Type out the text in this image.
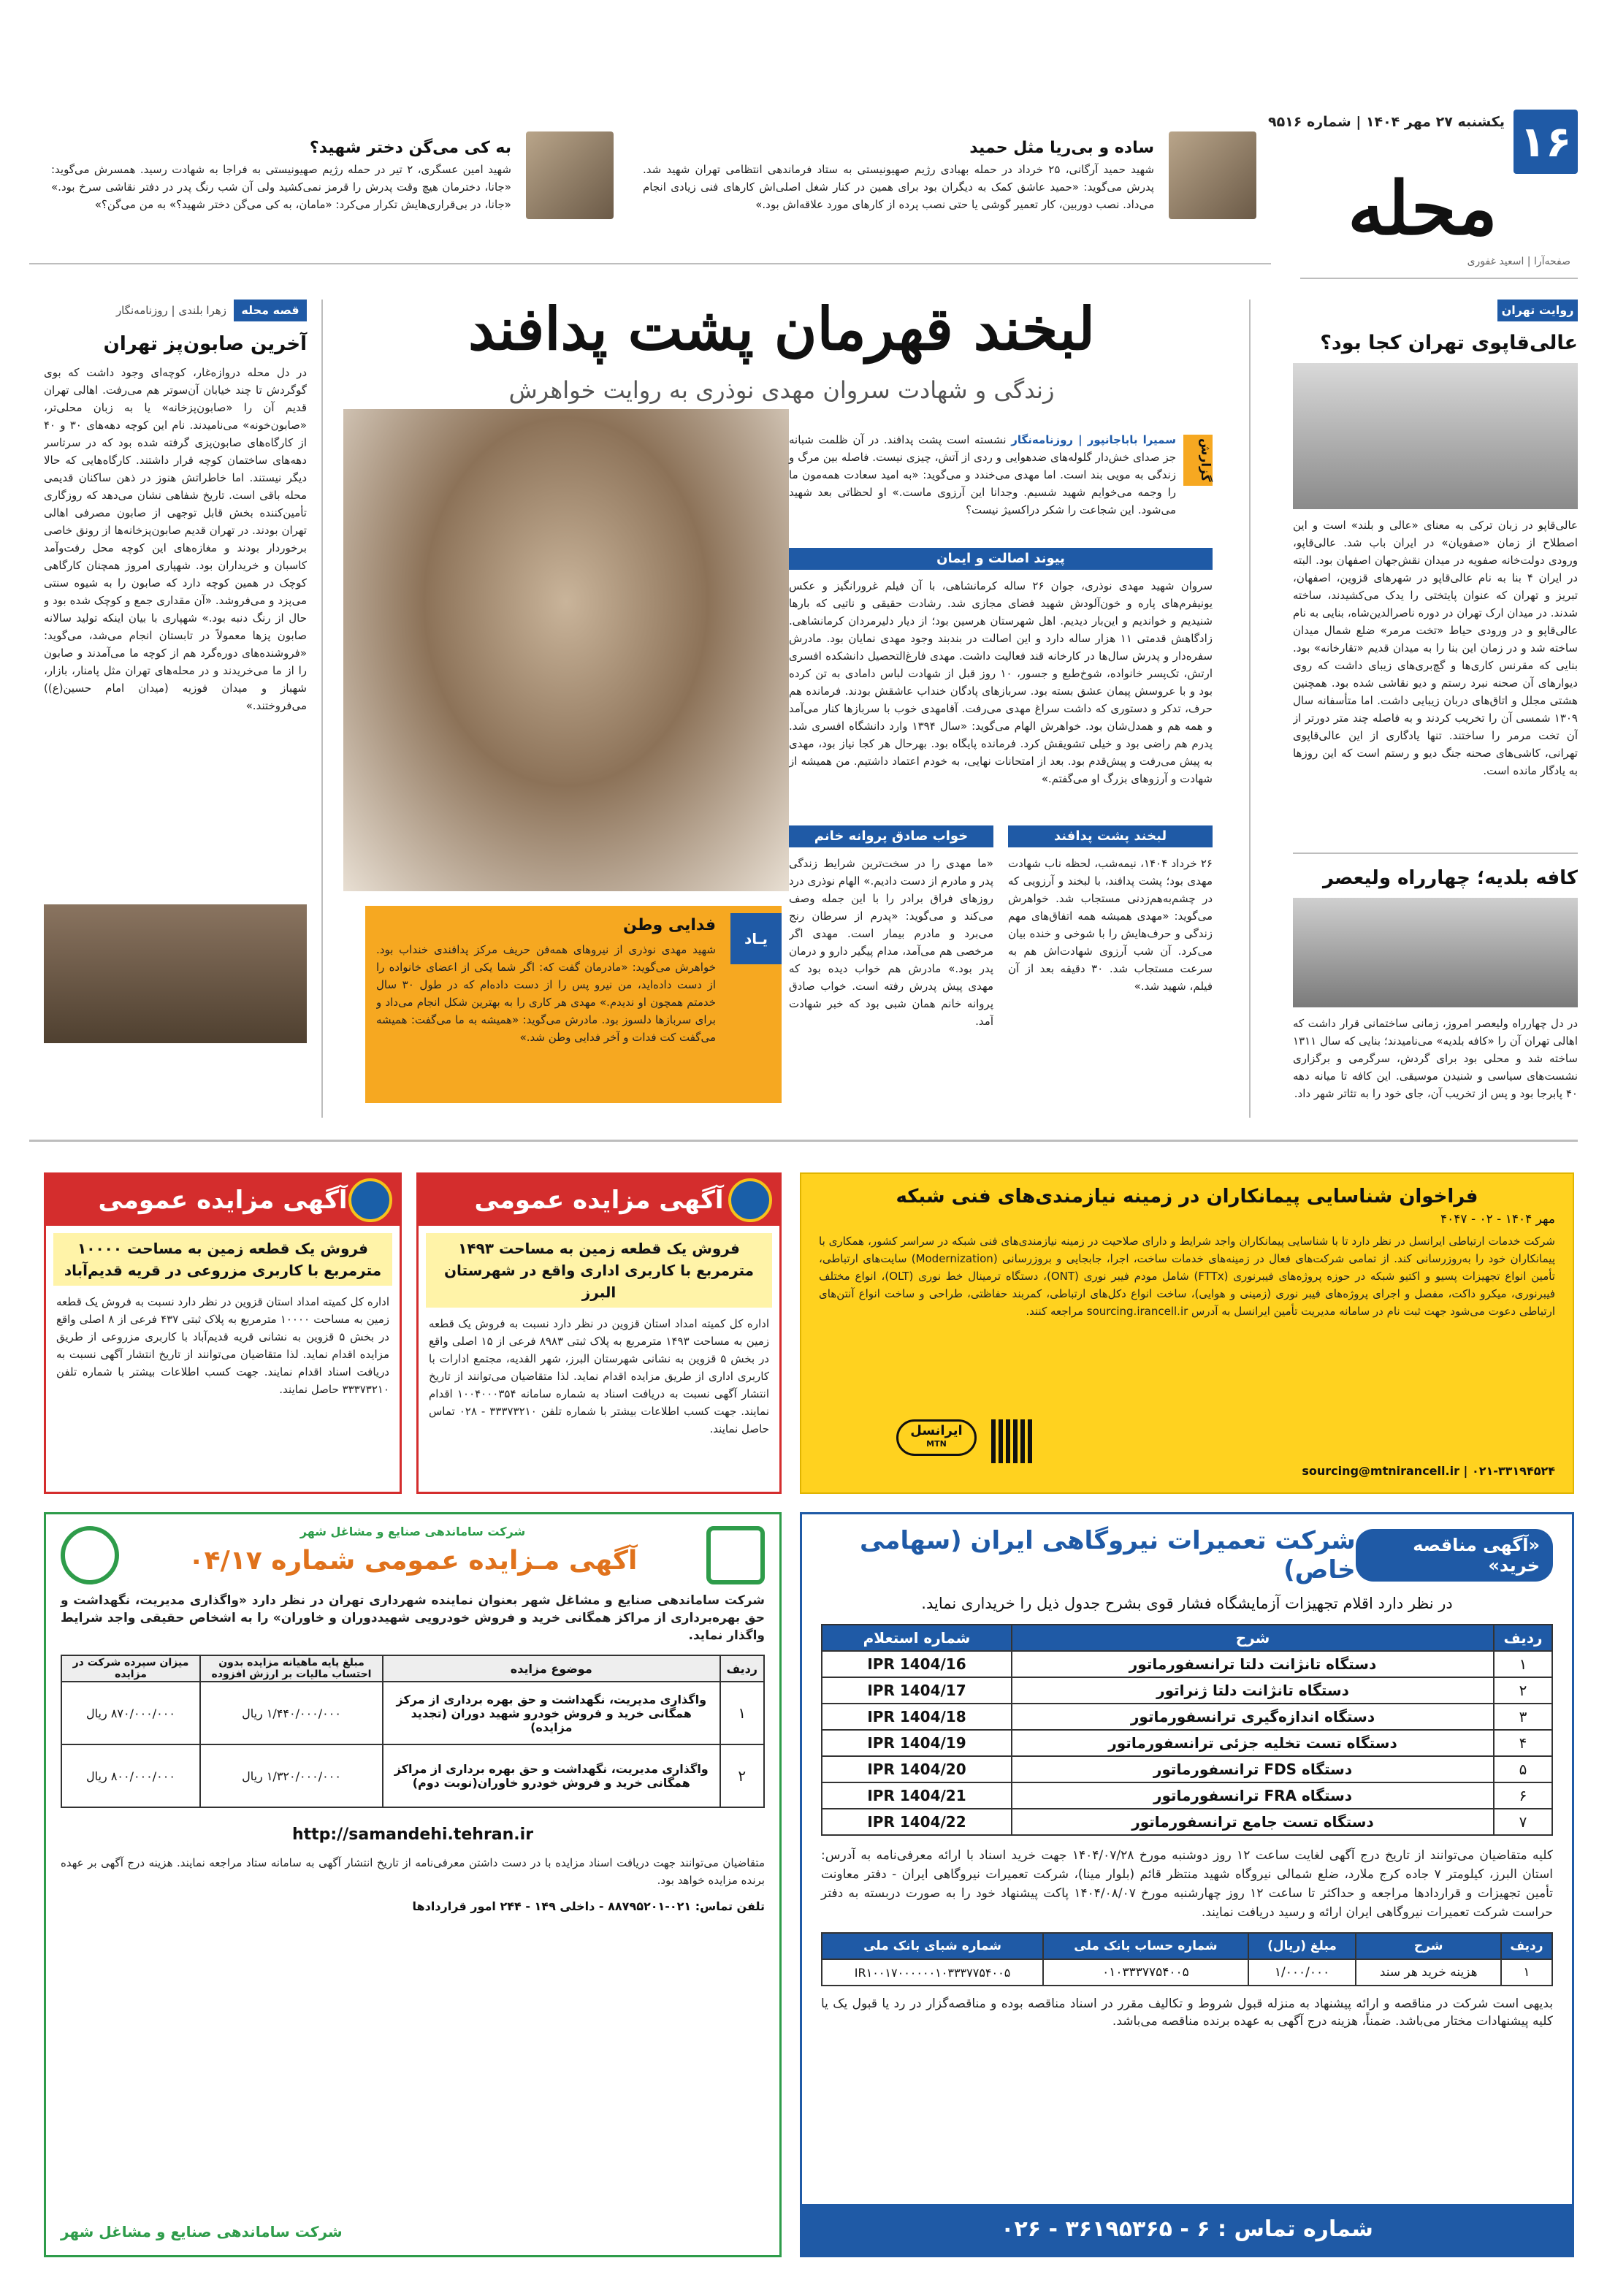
۱۶
یکشنبه ۲۷ مهر ۱۴۰۴ | شماره ۹۵۱۶
محله
صفحه‌آرا | اسعید غفوری
ساده و بی‌ریا مثل حمید
شهید حمید آرگانی، ۲۵ خرداد در حمله بهبادی رژیم صهیونیستی به ستاد فرماندهی انتظامی تهران شهید شد. پدرش می‌گوید: «حمید عاشق کمک به دیگران بود برای همین در کنار شغل اصلی‌اش کارهای فنی زیادی انجام می‌داد. نصب دوربین، کار تعمیر گوشی یا حتی نصب پرده از کارهای مورد علاقه‌اش بود.»
به کی می‌گن دختر شهید؟
شهید امین عسگری، ۲ تیر در حمله رژیم صهیونیستی به فراجا به شهادت رسید. همسرش می‌گوید: «جانا، دخترمان هیچ وقت پدرش را قرمز نمی‌کشید ولی آن شب رنگ پدر در دفتر نقاشی سرخ بود.» «جانا، در بی‌قراری‌هایش تکرار می‌کرد: «مامان، به کی می‌گن دختر شهید؟» به من می‌گن؟»
روایت تهران
عالی‌قاپوی تهران کجا بود؟
عالی‌قاپو در زبان ترکی به معنای «عالی و بلند» است و این اصطلاح از زمان «صفویان» در ایران باب شد. عالی‌قاپو، ورودی دولت‌خانه صفویه در میدان نقش‌جهان اصفهان بود. البته در ایران ۴ بنا به نام عالی‌قاپو در شهرهای قزوین، اصفهان، تبریز و تهران که عنوان پایتختی را یدک می‌کشیدند، ساخته شدند. در میدان ارک تهران در دوره ناصرالدین‌شاه، بنایی به نام عالی‌قاپو و در ورودی حیاط «تخت مرمر» ضلع شمال میدان ساخته شد و در زمان این بنا را به میدان قدیم «تقارخانه» بود. بنایی که مقرنس کاری‌ها و گچ‌بری‌های زیبای داشت که روی دیوارهای آن صحنه نبرد رستم و دیو نقاشی شده بود. همچنین هشتی مجلل و اتاق‌های دربان زیبایی داشت. اما متأسفانه سال ۱۳۰۹ شمسی آن را تخریب کردند و به فاصله چند متر دورتر از آن تخت مرمر را ساختند. تنها یادگاری از این عالی‌قاپوی تهرانی، کاشی‌های صحنه جنگ دیو و رستم است که این روزها به یادگار مانده است.
کافه بلدیه؛ چهارراه ولیعصر
در دل چهارراه ولیعصر امروز، زمانی ساختمانی قرار داشت که اهالی تهران آن را «کافه بلدیه» می‌نامیدند؛ بنایی که سال ۱۳۱۱ ساخته شد و محلی بود برای گردش، سرگرمی و برگزاری نشست‌های سیاسی و شنیدن موسیقی. این کافه تا میانه دهه ۴۰ پابرجا بود و پس از تخریب آن، جای خود را به تئاتر شهر داد.
لبخند قهرمان پشت پدافند
زندگی و شهادت سروان مهدی نوذری به روایت خواهرش
گزارش
سمیرا باباجانپور | روزنامه‌نگار نشسته است پشت پدافند. در آن ظلمت شبانه جز صدای خش‌دار گلوله‌های ضدهوایی و ردی از آتش، چیزی نیست. فاصله بین مرگ و زندگی به مویی بند است. اما مهدی می‌خندد و می‌گوید: «به امید سعادت همه‌مون ما را وجمه می‌خوایم شهید شسیم. وجدانا این آرزوی ماست.» او لحظاتی بعد شهید می‌شود. این شجاعت را شکر دراکسیژ نیست؟
پیوند اصالت و ایمان
سروان شهید مهدی نوذری، جوان ۲۶ ساله کرمانشاهی، با آن فیلم غرورانگیز و عکس یونیفرم‌های پاره و خون‌آلودش شهید فضای مجازی شد. رشادت حقیقی و ناتیی که بارها شنیدیم و خواندیم و این‌بار دیدیم. اهل شهرستان هرسین بود؛ از دیار دلیرمردان کرمانشاهی. زادگاهش قدمتی ۱۱ هزار ساله دارد و این اصالت در بند‌بند وجود مهدی نمایان بود. مادرش سفره‌دار و پدرش سال‌ها در کارخانه قند فعالیت داشت. مهدی فارغ‌التحصیل دانشکده افسری ارتش، تک‌پسر خانواده، شوخ‌طبع و جسور، ۱۰ روز قبل از شهادت لباس دامادی به تن کرده بود و با عروسش پیمان عشق بسته بود. سربازهای پادگان خنداب عاشقش بودند. فرمانده هم حرف، تدکر و دستوری که داشت سراغ مهدی می‌رفت. آقامهدی خوب با سربازها کنار می‌آمد و همه هم و همدل‌شان بود. خواهرش الهام می‌گوید: «سال ۱۳۹۴ وارد دانشگاه افسری شد. پدرم هم راضی بود و خیلی تشویقش کرد. فرمانده پایگاه بود. بهرحال هر کجا نیاز بود، مهدی به پیش می‌رفت و پیش‌قدم بود. بعد از امتحانات نهایی، به خودم اعتماد داشتیم. من همیشه از شهادت و آرزوهای بزرگ او می‌گفتم.»
لبخند پشت پدافند
۲۶ خرداد ۱۴۰۴، نیمه‌شب، لحظه ناب شهادت مهدی بود؛ پشت پدافند، با لبخند و آرزویی که در چشم‌به‌هم‌زدنی مستجاب شد. خواهرش می‌گوید: «مهدی همیشه همه اتفاق‌های مهم زندگی و حرف‌هایش را با شوخی و خنده بیان می‌کرد. آن شب آرزوی شهادت‌اش هم به سرعت مستجاب شد. ۳۰ دقیقه بعد از آن فیلم، شهید شد.»
خواب صادق پروانه خانم
«ما مهدی را در سخت‌ترین شرایط زندگی پدر و مادرم از دست دادیم.» الهام نوذری درد روزهای فراق برادر را با این جمله وصف می‌کند و می‌گوید: «پدرم از سرطان رنج می‌برد و مادرم بیمار است. مهدی اگر مرخصی هم می‌آمد، مدام پیگیر دارو و درمان پدر بود.» مادرش هم خواب دیده بود که مهدی پیش پدرش رفته است. خواب صادق پروانه خانم همان شبی بود که خبر شهادت آمد.
یـاد
فدایی وطن
شهید مهدی نوذری از نیروهای همه‌فن حریف مرکز پدافندی خنداب بود. خواهرش می‌گوید: «مادرمان گفت که: اگر شما یکی از اعضای خانواده را از دست داده‌اید، من نیرو پس را از دست داده‌ام که در طول ۳۰ سال خدمتم همچون او ندیدم.» مهدی هر کاری را به بهترین شکل انجام می‌داد و برای سربازها دلسوز بود. مادرش می‌گوید: «همیشه به ما می‌گفت: همیشه می‌گفت کت فدات و آخر فدایی وطن شد.»
قصه محله
زهرا بلندی | روزنامه‌نگار
آخرین صابون‌پز تهران
در دل محله دروازه‌غار، کوچه‌ای وجود داشت که بوی گوگردش تا چند خیابان آن‌سوتر هم می‌رفت. اهالی تهران قدیم آن را «صابون‌پزخانه» یا به زبان محلی‌تر، «صابون‌خونه» می‌نامیدند. نام این کوچه دهه‌های ۳۰ و ۴۰ از کارگاه‌های صابون‌پزی گرفته شده بود که در سرتاسر دهه‌های ساختمان کوچه قرار داشتند. کارگاه‌هایی که حالا دیگر نیستند. اما خاطراتش هنوز در ذهن ساکنان قدیمی محله باقی است. تاریخ شفاهی نشان می‌دهد که روزگاری تأمین‌کننده بخش قابل توجهی از صابون مصرفی اهالی تهران بودند. در تهران قدیم صابون‌پزخانه‌ها از رونق خاصی برخوردار بودند و مغازه‌های این کوچه محل رفت‌وآمد کاسبان و خریداران بود. شهپاری امروز همچنان کارگاهی کوچک در همین کوچه دارد که صابون را به شیوه سنتی می‌پزد و می‌فروشد. «آن مقداری جمع و کوچک شده بود و حال از رنگ دنبه بود.» شهپاری با بیان اینکه تولید سالانه صابون پزها معمولاً در تابستان انجام می‌شد، می‌گوید: «فروشنده‌های دوره‌گرد هم از کوچه ما می‌آمدند و صابون را از ما می‌خریدند و در محله‌های تهران مثل پامنار، بازار، شهباز و میدان فوزیه (میدان امام حسین(ع)) می‌فروختند.»
فراخوان شناسایی پیمانکاران در زمینه نیازمندی‌های فنی شبکه
مهر ۱۴۰۴ - ۰۲ - ۴۰۴۷
شرکت خدمات ارتباطی ایرانسل در نظر دارد تا با شناسایی پیمانکاران واجد شرایط و دارای صلاحیت در زمینه نیازمندی‌های فنی شبکه در سراسر کشور، همکاری با پیمانکاران خود را به‌روزرسانی کند. از تمامی شرکت‌های فعال در زمینه‌های خدمات ساخت، اجرا، جابجایی و بروزرسانی (Modernization) سایت‌های ارتباطی، تأمین انواع تجهیزات پسیو و اکتیو شبکه در حوزه پروژه‌های فیبرنوری (FTTx) شامل مودم فیبر نوری (ONT)، دستگاه ترمینال خط نوری (OLT)، انواع مختلف فیبرنوری، میکرو داکت، مفصل و اجرای پروژه‌های فیبر نوری (زمینی و هوایی)، ساخت انواع دکل‌های ارتباطی، کمربند حفاظتی، طراحی و ساخت انواع آنتن‌های ارتباطی دعوت می‌شود جهت ثبت نام در سامانه مدیریت تأمین ایرانسل به آدرس sourcing.irancell.ir مراجعه کنند.
sourcing@mtnirancell.ir | ۰۲۱-۳۳۱۹۴۵۲۴
ایرانسل
MTN
آگهی مزایده عمومی
فروش یک قطعه زمین به مساحت ۱۴۹۳ مترمربع با کاربری اداری واقع در شهرستان البرز
اداره کل کمیته امداد استان قزوین در نظر دارد نسبت به فروش یک قطعه زمین به مساحت ۱۴۹۳ مترمربع به پلاک ثبتی ۸۹۸۳ فرعی از ۱۵ اصلی واقع در بخش ۵ قزوین به نشانی شهرستان البرز، شهر القدیه، مجتمع ادارات با کاربری اداری از طریق مزایده اقدام نماید. لذا متقاضیان می‌توانند از تاریخ انتشار آگهی نسبت به دریافت اسناد به شماره سامانه ۱۰۰۴۰۰۰۳۵۴ اقدام نمایند. جهت کسب اطلاعات بیشتر با شماره تلفن ۳۳۳۷۳۲۱۰ - ۰۲۸ تماس حاصل نمایند.
آگهی مزایده عمومی
فروش یک قطعه زمین به مساحت ۱۰۰۰۰ مترمربع با کاربری مزروعی در قریه قدیم‌آباد
اداره کل کمیته امداد استان قزوین در نظر دارد نسبت به فروش یک قطعه زمین به مساحت ۱۰۰۰۰ مترمربع به پلاک ثبتی ۴۳۷ فرعی از ۸ اصلی واقع در بخش ۵ قزوین به نشانی قریه قدیم‌آباد با کاربری مزروعی از طریق مزایده اقدام نماید. لذا متقاضیان می‌توانند از تاریخ انتشار آگهی نسبت به دریافت اسناد اقدام نمایند. جهت کسب اطلاعات بیشتر با شماره تلفن ۳۳۳۷۳۲۱۰ حاصل نمایند.
«آگهی مناقصه خرید»
شرکت تعمیرات نیروگاهی ایران (سهامی خاص)
در نظر دارد اقلام تجهیزات آزمایشگاه فشار قوی بشرح جدول ذیل را خریداری نماید.
ردیف	شرح	شماره استعلام
۱	دستگاه تانژانت دلتا ترانسفورماتور	IPR 1404/16
۲	دستگاه تانژانت دلتا ژنراتور	IPR 1404/17
۳	دستگاه اندازه‌گیری ترانسفورماتور	IPR 1404/18
۴	دستگاه تست تخلیه جزئی ترانسفورماتور	IPR 1404/19
۵	دستگاه FDS ترانسفورماتور	IPR 1404/20
۶	دستگاه FRA ترانسفورماتور	IPR 1404/21
۷	دستگاه تست جامع ترانسفورماتور	IPR 1404/22
کلیه متقاضیان می‌توانند از تاریخ درج آگهی لغایت ساعت ۱۲ روز دوشنبه مورخ ۱۴۰۴/۰۷/۲۸ جهت خرید اسناد با ارائه معرفی‌نامه به آدرس: استان البرز، کیلومتر ۷ جاده کرج ملارد، ضلع شمالی نیروگاه شهید منتظر قائم (بلوار مینا)، شرکت تعمیرات نیروگاهی ایران - دفتر معاونت تأمین تجهیزات و قراردادها مراجعه و حداکثر تا ساعت ۱۲ روز چهارشنبه مورخ ۱۴۰۴/۰۸/۰۷ پاکت پیشنهاد خود را به صورت دربسته به دفتر حراست شرکت تعمیرات نیروگاهی ایران ارائه و رسید دریافت نمایند.
ردیف	شرح	مبلغ (ریال)	شماره حساب بانک ملی	شماره شبای بانک ملی
۱	هزینه خرید هر سند	۱/۰۰۰/۰۰۰	۰۱۰۳۳۳۷۷۵۴۰۰۵	IR۱۰۰۱۷۰۰۰۰۰۰۱۰۳۳۳۷۷۵۴۰۰۵
بدیهی است شرکت در مناقصه و ارائه پیشنهاد به منزله قبول شروط و تکالیف مقرر در اسناد مناقصه بوده و مناقصه‌گزار در رد یا قبول یک یا کلیه پیشنهادات مختار می‌باشد. ضمناً، هزینه درج آگهی به عهده برنده مناقصه می‌باشد.
شماره تماس : ۶ - ۳۶۱۹۵۳۶۵ - ۰۲۶
شرکت ساماندهی صنایع و مشاغل شهر
آگهی مـزایده عمومی شماره ۰۴/۱۷
شرکت ساماندهی صنایع و مشاغل شهر بعنوان نماینده شهرداری تهران در نظر دارد «واگذاری مدیریت، نگهداشت و حق بهره‌برداری از مراکز همگانی خرید و فروش خودرویی شهیددوران و خاوران» را به اشخاص حقیقی واجد شرایط واگذار نماید.
ردیف	موضوع مزایده	مبلغ پایه ماهیانه مزایده بدون احتساب مالیات بر ارزش افزوده	میزان سپرده شرکت در مزایده
۱	واگذاری مدیریت، نگهداشت و حق بهره برداری از مرکز همگانی خرید و فروش خودرو شهید دوران (تجدید مزایده)	۱/۴۴۰/۰۰۰/۰۰۰ ریال	۸۷۰/۰۰۰/۰۰۰ ریال
۲	واگذاری مدیریت، نگهداشت و حق بهره برداری از مراکز همگانی خرید و فروش خودرو خاوران(نوبت دوم)	۱/۳۲۰/۰۰۰/۰۰۰ ریال	۸۰۰/۰۰۰/۰۰۰ ریال
http://samandehi.tehran.ir
متقاضیان می‌توانند جهت دریافت اسناد مزایده با در دست داشتن معرفی‌نامه از تاریخ انتشار آگهی به سامانه ستاد مراجعه نمایند. هزینه درج آگهی بر عهده برنده مزایده خواهد بود.
تلفن تماس: ۰۲۱-۸۸۷۹۵۲۰۱ - داخلی ۱۴۹ - ۲۴۴ امور قراردادها
شرکت ساماندهی صنایع و مشاغل شهر
